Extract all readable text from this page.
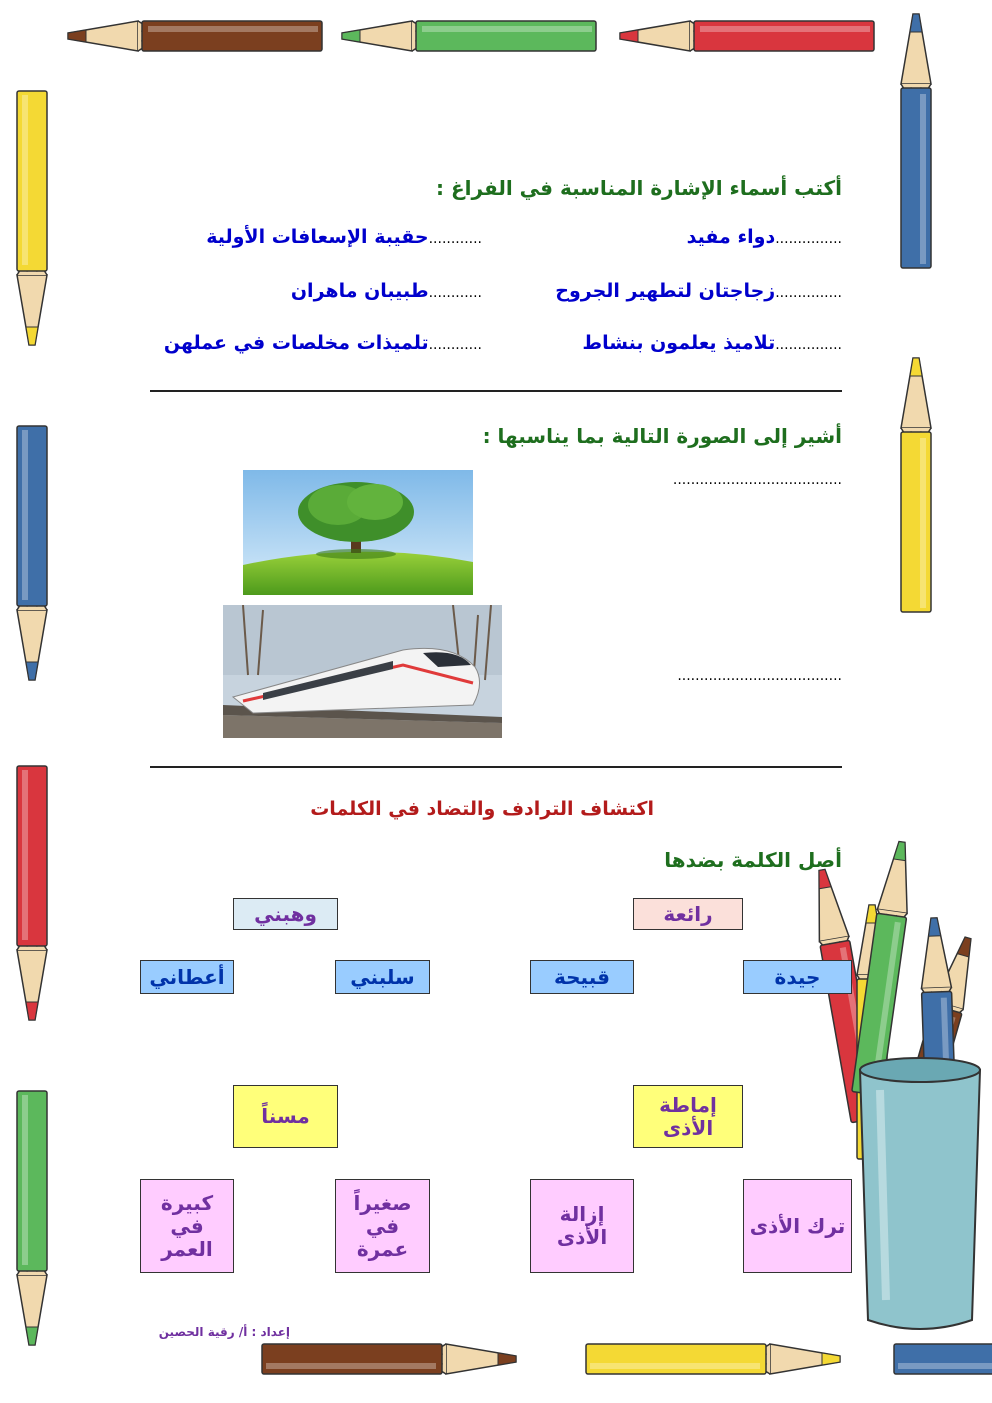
أكتب أسماء الإشارة المناسبة في الفراغ :
...............دواء مفيد
............حقيبة الإسعافات الأولية
...............زجاجتان لتطهير الجروح
............طبيبان ماهران
...............تلاميذ يعلمون بنشاط
............تلميذات مخلصات في عملهن
أشير إلى الصورة التالية بما يناسبها :
......................................
.....................................
اكتشاف الترادف والتضاد في الكلمات
أصل الكلمة بضدها
رائعة
وهبني
جيدة
قبيحة
سلبني
أعطاني
إماطة الأذى
مسناً
ترك الأذى
إزالة الأذى
صغيراً في عمرة
كبيرة في العمر
إعداد : أ/ رقية الحصين
